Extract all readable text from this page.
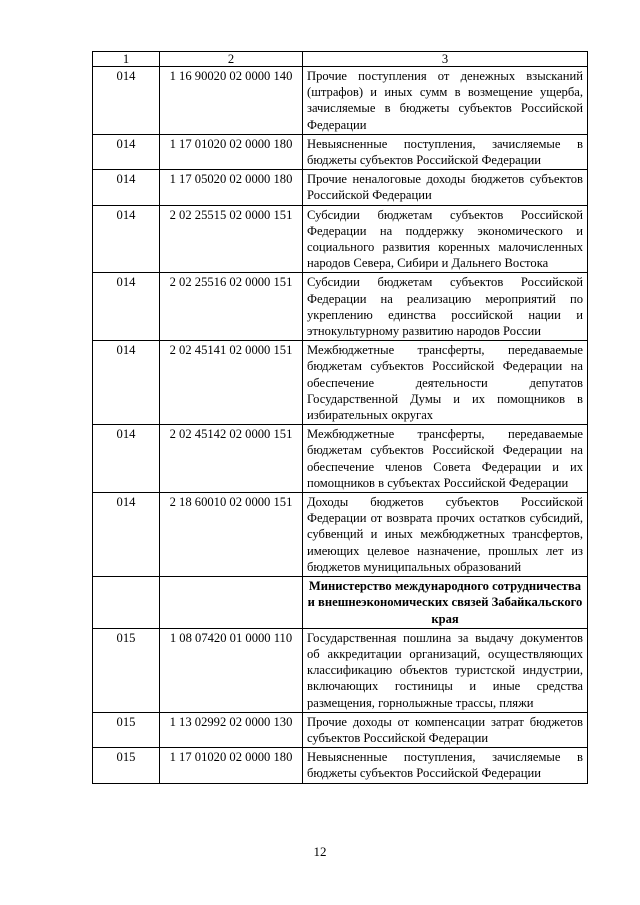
1	2	3
014	1 16 90020 02 0000 140	Прочие поступления от денежных взысканий (штрафов) и иных сумм в возмещение ущерба, зачисляемые в бюджеты субъектов Российской Федерации
014	1 17 01020 02 0000 180	Невыясненные поступления, зачисляемые в бюджеты субъектов Российской Федерации
014	1 17 05020 02 0000 180	Прочие неналоговые доходы бюджетов субъектов Российской Федерации
014	2 02 25515 02 0000 151	Субсидии бюджетам субъектов Российской Федерации на поддержку экономического и социального развития коренных малочисленных народов Севера, Сибири и Дальнего Востока
014	2 02 25516 02 0000 151	Субсидии бюджетам субъектов Российской Федерации на реализацию мероприятий по укреплению единства российской нации и этнокультурному развитию народов России
014	2 02 45141 02 0000 151	Межбюджетные трансферты, передаваемые бюджетам субъектов Российской Федерации на обеспечение деятельности депутатов Государственной Думы и их помощников в избирательных округах
014	2 02 45142 02 0000 151	Межбюджетные трансферты, передаваемые бюджетам субъектов Российской Федерации на обеспечение членов Совета Федерации и их помощников в субъектах Российской Федерации
014	2 18 60010 02 0000 151	Доходы бюджетов субъектов Российской Федерации от возврата прочих остатков субсидий, субвенций и иных межбюджетных трансфертов, имеющих целевое назначение, прошлых лет из бюджетов муниципальных образований
		Министерство международного сотрудничества и внешнеэкономических связей Забайкальского края
015	1 08 07420 01 0000 110	Государственная пошлина за выдачу документов об аккредитации организаций, осуществляющих классификацию объектов туристской индустрии, включающих гостиницы и иные средства размещения, горнолыжные трассы, пляжи
015	1 13 02992 02 0000 130	Прочие доходы от компенсации затрат бюджетов субъектов Российской Федерации
015	1 17 01020 02 0000 180	Невыясненные поступления, зачисляемые в бюджеты субъектов Российской Федерации
12
